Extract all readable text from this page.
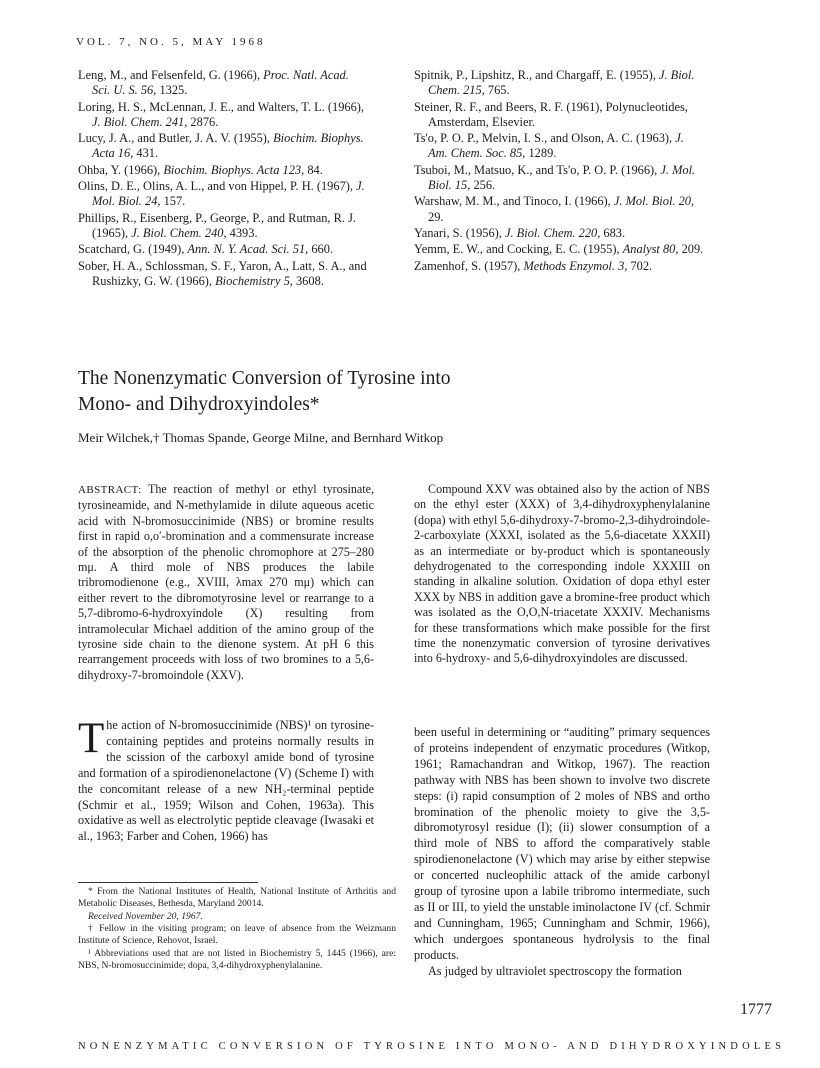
VOL. 7, NO. 5, MAY 1968
Leng, M., and Felsenfeld, G. (1966), Proc. Natl. Acad. Sci. U. S. 56, 1325.
Loring, H. S., McLennan, J. E., and Walters, T. L. (1966), J. Biol. Chem. 241, 2876.
Lucy, J. A., and Butler, J. A. V. (1955), Biochim. Biophys. Acta 16, 431.
Ohba, Y. (1966), Biochim. Biophys. Acta 123, 84.
Olins, D. E., Olins, A. L., and von Hippel, P. H. (1967), J. Mol. Biol. 24, 157.
Phillips, R., Eisenberg, P., George, P., and Rutman, R. J. (1965), J. Biol. Chem. 240, 4393.
Scatchard, G. (1949), Ann. N. Y. Acad. Sci. 51, 660.
Sober, H. A., Schlossman, S. F., Yaron, A., Latt, S. A., and Rushizky, G. W. (1966), Biochemistry 5, 3608.
Spitnik, P., Lipshitz, R., and Chargaff, E. (1955), J. Biol. Chem. 215, 765.
Steiner, R. F., and Beers, R. F. (1961), Polynucleotides, Amsterdam, Elsevier.
Ts'o, P. O. P., Melvin, I. S., and Olson, A. C. (1963), J. Am. Chem. Soc. 85, 1289.
Tsuboi, M., Matsuo, K., and Ts'o, P. O. P. (1966), J. Mol. Biol. 15, 256.
Warshaw, M. M., and Tinoco, I. (1966), J. Mol. Biol. 20, 29.
Yanari, S. (1956), J. Biol. Chem. 220, 683.
Yemm, E. W., and Cocking, E. C. (1955), Analyst 80, 209.
Zamenhof, S. (1957), Methods Enzymol. 3, 702.
The Nonenzymatic Conversion of Tyrosine into
Mono- and Dihydroxyindoles*
Meir Wilchek,† Thomas Spande, George Milne, and Bernhard Witkop
ABSTRACT: The reaction of methyl or ethyl tyrosinate, tyrosineamide, and N-methylamide in dilute aqueous acetic acid with N-bromosuccinimide (NBS) or bromine results first in rapid o,o′-bromination and a commensurate increase of the absorption of the phenolic chromophore at 275–280 mμ. A third mole of NBS produces the labile tribromodienone (e.g., XVIII, λmax 270 mμ) which can either revert to the dibromotyrosine level or rearrange to a 5,7-dibromo-6-hydroxyindole (X) resulting from intramolecular Michael addition of the amino group of the tyrosine side chain to the dienone system. At pH 6 this rearrangement proceeds with loss of two bromines to a 5,6-dihydroxy-7-bromoindole (XXV).
Compound XXV was obtained also by the action of NBS on the ethyl ester (XXX) of 3,4-dihydroxyphenylalanine (dopa) with ethyl 5,6-dihydroxy-7-bromo-2,3-dihydroindole-2-carboxylate (XXXI, isolated as the 5,6-diacetate XXXII) as an intermediate or by-product which is spontaneously dehydrogenated to the corresponding indole XXXIII on standing in alkaline solution. Oxidation of dopa ethyl ester XXX by NBS in addition gave a bromine-free product which was isolated as the O,O,N-triacetate XXXIV. Mechanisms for these transformations which make possible for the first time the nonenzymatic conversion of tyrosine derivatives into 6-hydroxy- and 5,6-dihydroxyindoles are discussed.
The action of N-bromosuccinimide (NBS)¹ on tyrosine-containing peptides and proteins normally results in the scission of the carboxyl amide bond of tyrosine and formation of a spirodienonelactone (V) (Scheme I) with the concomitant release of a new NH₂-terminal peptide (Schmir et al., 1959; Wilson and Cohen, 1963a). This oxidative as well as electrolytic peptide cleavage (Iwasaki et al., 1963; Farber and Cohen, 1966) has
been useful in determining or “auditing” primary sequences of proteins independent of enzymatic procedures (Witkop, 1961; Ramachandran and Witkop, 1967). The reaction pathway with NBS has been shown to involve two discrete steps: (i) rapid consumption of 2 moles of NBS and ortho bromination of the phenolic moiety to give the 3,5-dibromotyrosyl residue (I); (ii) slower consumption of a third mole of NBS to afford the comparatively stable spirodienonelactone (V) which may arise by either stepwise or concerted nucleophilic attack of the amide carbonyl group of tyrosine upon a labile tribromo intermediate, such as II or III, to yield the unstable iminolactone IV (cf. Schmir and Cunningham, 1965; Cunningham and Schmir, 1966), which undergoes spontaneous hydrolysis to the final products.
As judged by ultraviolet spectroscopy the formation

* From the National Institutes of Health, National Institute of Arthritis and Metabolic Diseases, Bethesda, Maryland 20014.

Received November 20, 1967.

† Fellow in the visiting program; on leave of absence from the Weizmann Institute of Science, Rehovot, Israel.

¹ Abbreviations used that are not listed in Biochemistry 5, 1445 (1966), are: NBS, N-bromosuccinimide; dopa, 3,4-dihydroxyphenylalanine.

1777
NONENZYMATIC CONVERSION OF TYROSINE INTO MONO- AND DIHYDROXYINDOLES
